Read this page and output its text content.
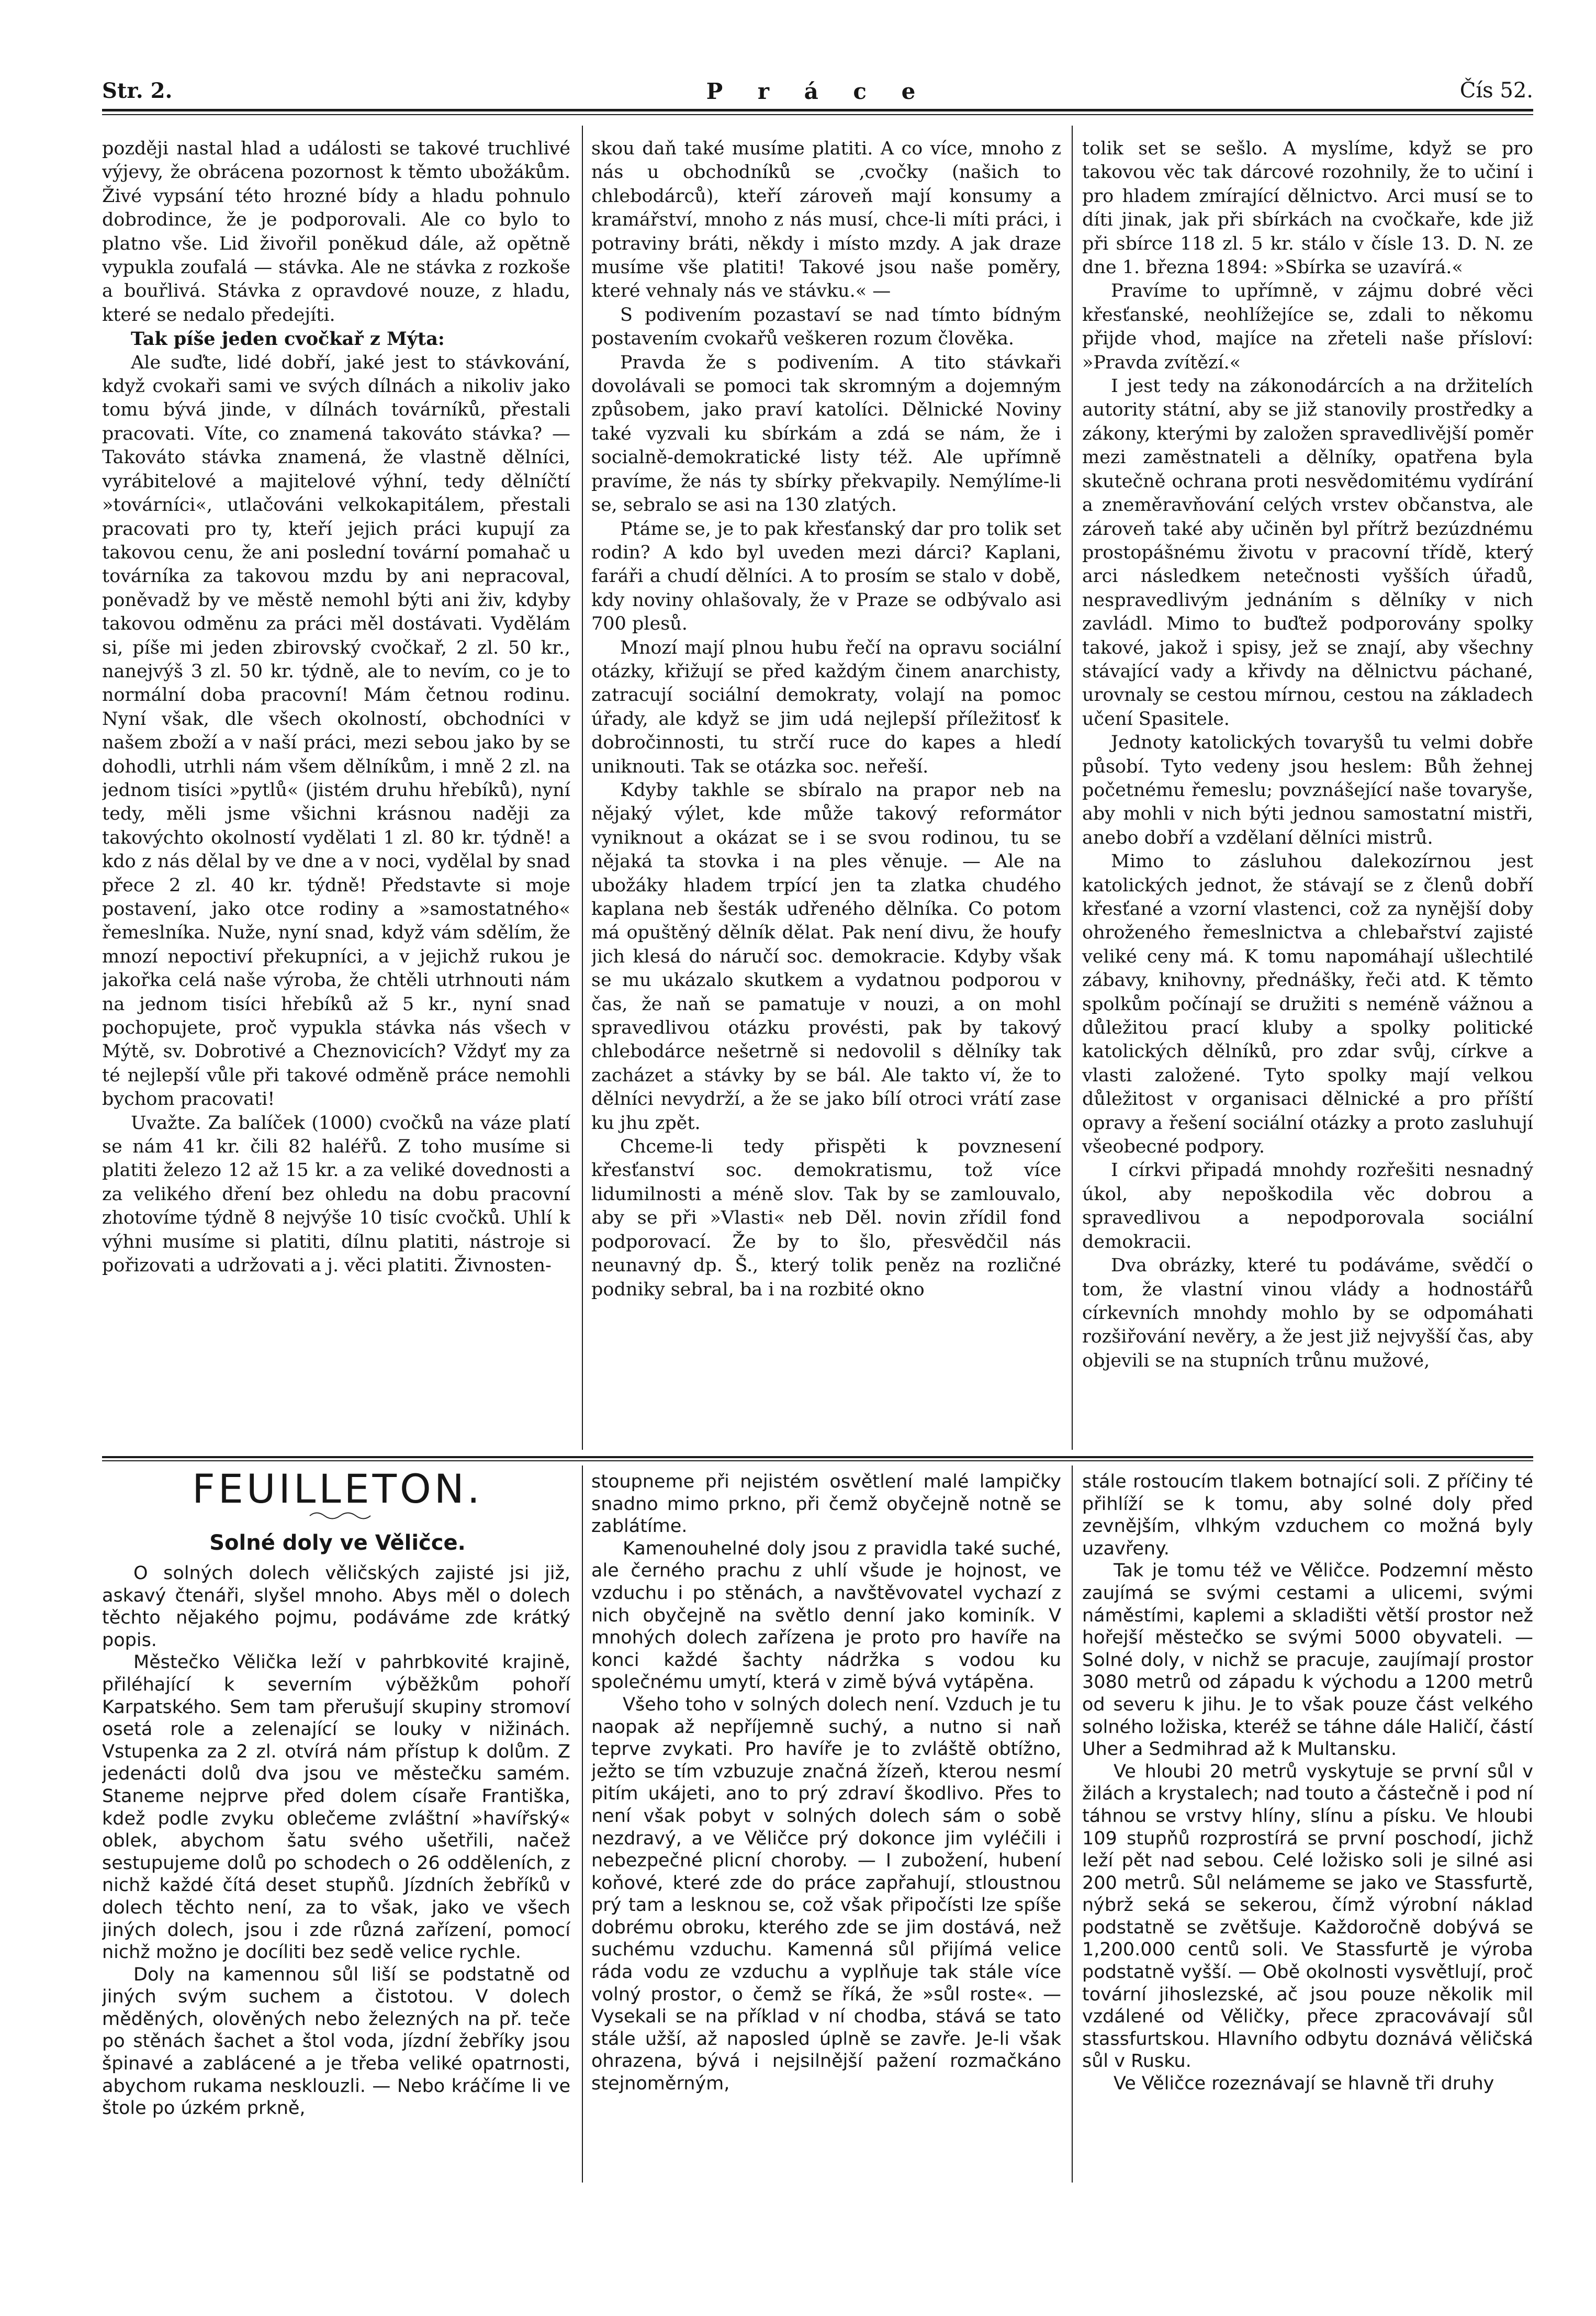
Str. 2.	P r á c e	Čís 52.

později nastal hlad a události se takové truchlivé výjevy, že obrácena pozornost k těmto ubožákům. Živé vypsání této hrozné bídy a hladu pohnulo dobrodince, že je podporovali. Ale co bylo to platno vše. Lid živořil poněkud dále, až opětně vypukla zoufalá — stávka. Ale ne stávka z rozkoše a bouřlivá. Stávka z opravdové nouze, z hladu, které se nedalo předejíti.

Tak píše jeden cvočkař z Mýta:

Ale suďte, lidé dobří, jaké jest to stávkování, když cvokaři sami ve svých dílnách a nikoliv jako tomu bývá jinde, v dílnách továrníků, přestali pracovati. Víte, co znamená takováto stávka? — Takováto stávka znamená, že vlastně dělníci, vyrábitelové a majitelové výhní, tedy dělníčtí »továrníci«, utlačováni velkokapitálem, přestali pracovati pro ty, kteří jejich práci kupují za takovou cenu, že ani poslední tovární pomahač u továrníka za takovou mzdu by ani nepracoval, poněvadž by ve městě nemohl býti ani živ, kdyby takovou odměnu za práci měl dostávati. Vydělám si, píše mi jeden zbirovský cvočkař, 2 zl. 50 kr., nanejvýš 3 zl. 50 kr. týdně, ale to nevím, co je to normální doba pracovní! Mám četnou rodinu. Nyní však, dle všech okolností, obchodníci v našem zboží a v naší práci, mezi sebou jako by se dohodli, utrhli nám všem dělníkům, i mně 2 zl. na jednom tisíci »pytlů« (jistém druhu hřebíků), nyní tedy, měli jsme všichni krásnou naději za takovýchto okolností vydělati 1 zl. 80 kr. týdně! a kdo z nás dělal by ve dne a v noci, vydělal by snad přece 2 zl. 40 kr. týdně! Představte si moje postavení, jako otce rodiny a »samostatného« řemeslníka. Nuže, nyní snad, když vám sdělím, že mnozí nepoctiví překupníci, a v jejichž rukou je jakořka celá naše výroba, že chtěli utrhnouti nám na jednom tisíci hřebíků až 5 kr., nyní snad pochopujete, proč vypukla stávka nás všech v Mýtě, sv. Dobrotivé a Cheznovicích? Vždyť my za té nejlepší vůle při takové odměně práce nemohli bychom pracovati!

Uvažte. Za balíček (1000) cvočků na váze platí se nám 41 kr. čili 82 haléřů. Z toho musíme si platiti železo 12 až 15 kr. a za veliké dovednosti a za velikého dření bez ohledu na dobu pracovní zhotovíme týdně 8 nejvýše 10 tisíc cvočků. Uhlí k výhni musíme si platiti, dílnu platiti, nástroje si pořizovati a udržovati a j. věci platiti. Živnosten-

skou daň také musíme platiti. A co více, mnoho z nás u obchodníků se ‚cvočky (našich to chlebodárců), kteří zároveň mají konsumy a kramářství, mnoho z nás musí, chce-li míti práci, i potraviny bráti, někdy i místo mzdy. A jak draze musíme vše platiti! Takové jsou naše poměry, které vehnaly nás ve stávku.« —

S podivením pozastaví se nad tímto bídným postavením cvokařů veškeren rozum člověka.

Pravda že s podivením. A tito stávkaři dovolávali se pomoci tak skromným a dojemným způsobem, jako praví katolíci. Dělnické Noviny také vyzvali ku sbírkám a zdá se nám, že i socialně-demokratické listy též. Ale upřímně pravíme, že nás ty sbírky překvapily. Nemýlíme-li se, sebralo se asi na 130 zlatých.

Ptáme se, je to pak křesťanský dar pro tolik set rodin? A kdo byl uveden mezi dárci? Kaplani, faráři a chudí dělníci. A to prosím se stalo v době, kdy noviny ohlašovaly, že v Praze se odbývalo asi 700 plesů.

Mnozí mají plnou hubu řečí na opravu sociální otázky, křižují se před každým činem anarchisty, zatracují sociální demokraty, volají na pomoc úřady, ale když se jim udá nejlepší příležitosť k dobročinnosti, tu strčí ruce do kapes a hledí uniknouti. Tak se otázka soc. neřeší.

Kdyby takhle se sbíralo na prapor neb na nějaký výlet, kde může takový reformátor vyniknout a okázat se i se svou rodinou, tu se nějaká ta stovka i na ples věnuje. — Ale na ubožáky hladem trpící jen ta zlatka chudého kaplana neb šesták udřeného dělníka. Co potom má opuštěný dělník dělat. Pak není divu, že houfy jich klesá do náručí soc. demokracie. Kdyby však se mu ukázalo skutkem a vydatnou podporou v čas, že naň se pamatuje v nouzi, a on mohl spravedlivou otázku provésti, pak by takový chlebodárce nešetrně si nedovolil s dělníky tak zacházet a stávky by se bál. Ale takto ví, že to dělníci nevydrží, a že se jako bílí otroci vrátí zase ku jhu zpět.

Chceme-li tedy přispěti k povznesení křesťanství soc. demokratismu, tož více lidumilnosti a méně slov. Tak by se zamlouvalo, aby se při »Vlasti« neb Děl. novin zřídil fond podporovací. Že by to šlo, přesvědčil nás neunavný dp. Š., který tolik peněz na rozličné podniky sebral, ba i na rozbité okno

tolik set se sešlo. A myslíme, když se pro takovou věc tak dárcové rozohnily, že to učiní i pro hladem zmírající dělnictvo. Arci musí se to díti jinak, jak při sbírkách na cvočkaře, kde již při sbírce 118 zl. 5 kr. stálo v čísle 13. D. N. ze dne 1. března 1894: »Sbírka se uzavírá.«

Pravíme to upřímně, v zájmu dobré věci křesťanské, neohlížejíce se, zdali to někomu přijde vhod, majíce na zřeteli naše přísloví: »Pravda zvítězí.«

I jest tedy na zákonodárcích a na držitelích autority státní, aby se již stanovily prostředky a zákony, kterými by založen spravedlivější poměr mezi zaměstnateli a dělníky, opatřena byla skutečně ochrana proti nesvědomitému vydírání a zneměravňování celých vrstev občanstva, ale zároveň také aby učiněn byl přítrž bezúzdnému prostopášnému životu v pracovní třídě, který arci následkem netečnosti vyšších úřadů, nespravedlivým jednáním s dělníky v nich zavládl. Mimo to buďtež podporovány spolky takové, jakož i spisy, jež se znají, aby všechny stávající vady a křivdy na dělnictvu páchané, urovnaly se cestou mírnou, cestou na základech učení Spasitele.

Jednoty katolických tovaryšů tu velmi dobře působí. Tyto vedeny jsou heslem: Bůh žehnej početnému řemeslu; povznášející naše tovaryše, aby mohli v nich býti jednou samostatní mistři, anebo dobří a vzdělaní dělníci mistrů.

Mimo to zásluhou dalekozírnou jest katolických jednot, že stávají se z členů dobří křesťané a vzorní vlastenci, což za nynější doby ohroženého řemeslnictva a chlebařství zajisté veliké ceny má. K tomu napomáhají ušlechtilé zábavy, knihovny, přednášky, řeči atd. K těmto spolkům počínají se družiti s neméně vážnou a důležitou prací kluby a spolky politické katolických dělníků, pro zdar svůj, církve a vlasti založené. Tyto spolky mají velkou důležitost v organisaci dělnické a pro příští opravy a řešení sociální otázky a proto zasluhují všeobecné podpory.

I církvi připadá mnohdy rozřešiti nesnadný úkol, aby nepoškodila věc dobrou a spravedlivou a nepodporovala sociální demokracii.

Dva obrázky, které tu podáváme, svědčí o tom, že vlastní vinou vlády a hodnostářů církevních mnohdy mohlo by se odpomáhati rozšiřování nevěry, a že jest již nejvyšší čas, aby objevili se na stupních trůnu mužové,

FEUILLETON.
Solné doly ve Věličce.

O solných dolech věličských zajisté jsi již, askavý čtenáři, slyšel mnoho. Abys měl o dolech těchto nějakého pojmu, podáváme zde krátký popis.

Městečko Vělička leží v pahrbkovité krajině, přiléhající k severním výběžkům pohoří Karpatského. Sem tam přerušují skupiny stromoví osetá role a zelenající se louky v nižinách. Vstupenka za 2 zl. otvírá nám přístup k dolům. Z jedenácti dolů dva jsou ve městečku samém. Staneme nejprve před dolem císaře Františka, kdež podle zvyku oblečeme zvláštní »havířský« oblek, abychom šatu svého ušetřili, načež sestupujeme dolů po schodech o 26 odděleních, z nichž každé čítá deset stupňů. Jízdních žebříků v dolech těchto není, za to však, jako ve všech jiných dolech, jsou i zde různá zařízení, pomocí nichž možno je docíliti bez sedě velice rychle.

Doly na kamennou sůl liší se podstatně od jiných svým suchem a čistotou. V dolech měděných, olověných nebo železných na př. teče po stěnách šachet a štol voda, jízdní žebříky jsou špinavé a zablácené a je třeba veliké opatrnosti, abychom rukama nesklouzli. — Nebo kráčíme li ve štole po úzkém prkně,

stoupneme při nejistém osvětlení malé lampičky snadno mimo prkno, při čemž obyčejně notně se zablátíme.

Kamenouhelné doly jsou z pravidla také suché, ale černého prachu z uhlí všude je hojnost, ve vzduchu i po stěnách, a navštěvovatel vychazí z nich obyčejně na světlo denní jako kominík. V mnohých dolech zařízena je proto pro havíře na konci každé šachty nádržka s vodou ku společnému umytí, která v zimě bývá vytápěna.

Všeho toho v solných dolech není. Vzduch je tu naopak až nepříjemně suchý, a nutno si naň teprve zvykati. Pro havíře je to zvláště obtížno, ježto se tím vzbuzuje značná žízeň, kterou nesmí pitím ukájeti, ano to prý zdraví škodlivo. Přes to není však pobyt v solných dolech sám o sobě nezdravý, a ve Věličce prý dokonce jim vyléčili i nebezpečné plicní choroby. — I zubožení, hubení koňové, které zde do práce zapřahují, stloustnou prý tam a lesknou se, což však připočísti lze spíše dobrému obroku, kterého zde se jim dostává, než suchému vzduchu. Kamenná sůl přijímá velice ráda vodu ze vzduchu a vyplňuje tak stále více volný prostor, o čemž se říká, že »sůl roste«. — Vysekali se na příklad v ní chodba, stává se tato stále užší, až naposled úplně se zavře. Je-li však ohrazena, bývá i nejsilnější pažení rozmačkáno stejnoměrným,

stále rostoucím tlakem botnající soli. Z příčiny té přihlíží se k tomu, aby solné doly před zevnějším, vlhkým vzduchem co možná byly uzavřeny.

Tak je tomu též ve Věličce. Podzemní město zaujímá se svými cestami a ulicemi, svými náměstími, kaplemi a skladišti větší prostor než hořejší městečko se svými 5000 obyvateli. — Solné doly, v nichž se pracuje, zaujímají prostor 3080 metrů od západu k východu a 1200 metrů od severu k jihu. Je to však pouze část velkého solného ložiska, kteréž se táhne dále Haličí, částí Uher a Sedmihrad až k Multansku.

Ve hloubi 20 metrů vyskytuje se první sůl v žilách a krystalech; nad touto a částečně i pod ní táhnou se vrstvy hlíny, slínu a písku. Ve hloubi 109 stupňů rozprostírá se první poschodí, jichž leží pět nad sebou. Celé ložisko soli je silné asi 200 metrů. Sůl nelámeme se jako ve Stassfurtě, nýbrž seká se sekerou, čímž výrobní náklad podstatně se zvětšuje. Každoročně dobývá se 1,200.000 centů soli. Ve Stassfurtě je výroba podstatně vyšší. — Obě okolnosti vysvětlují, proč tovární jihoslezské, ač jsou pouze několik mil vzdálené od Věličky, přece zpracovávají sůl stassfurtskou. Hlavního odbytu doznává věličská sůl v Rusku.

Ve Věličce rozeznávají se hlavně tři druhy
